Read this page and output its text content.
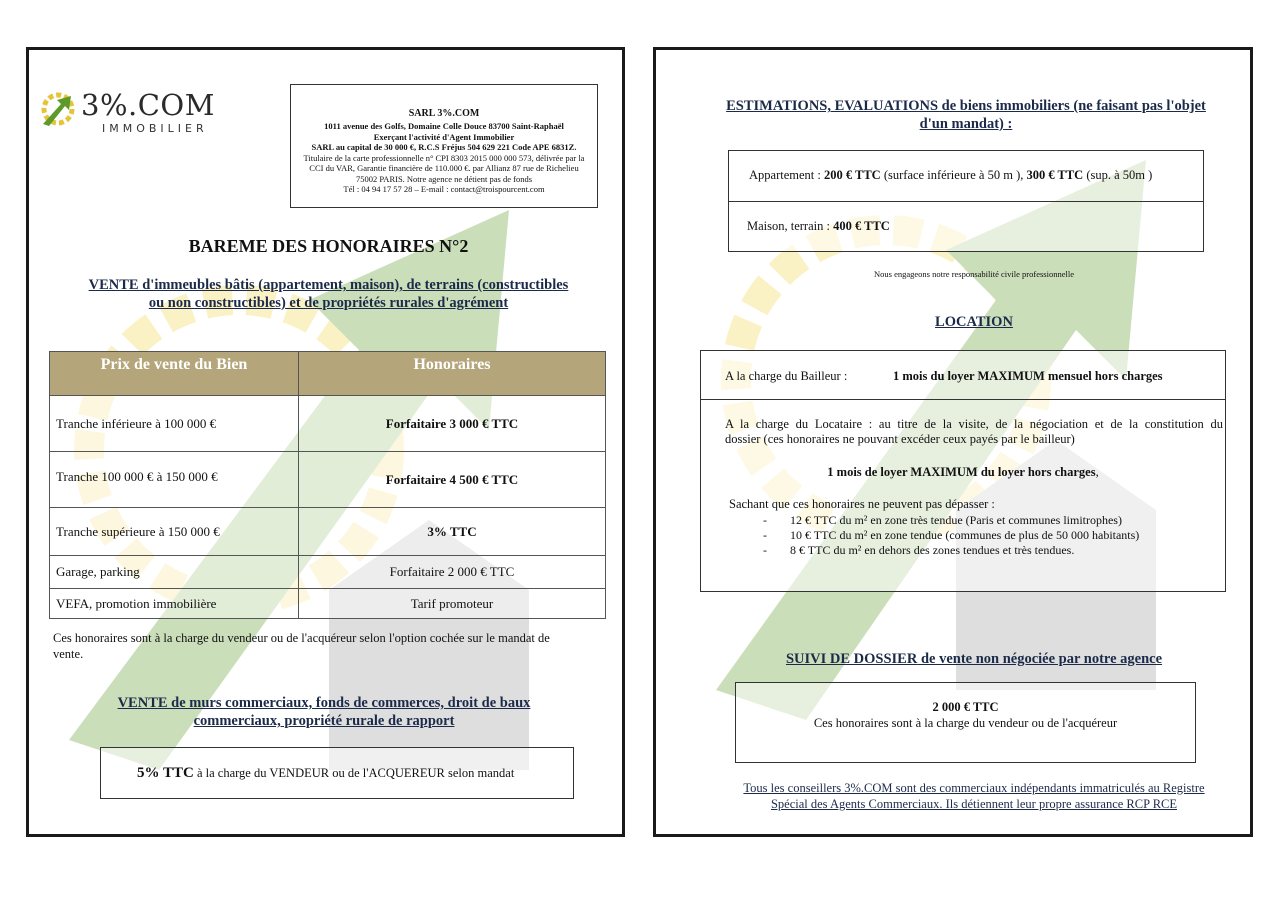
3%.COM
IMMOBILIER
SARL 3%.COM
1011 avenue des Golfs, Domaine Colle Douce 83700 Saint-Raphaël
Exerçant l'activité d'Agent Immobilier
SARL au capital de 30 000 €, R.C.S Fréjus 504 629 221 Code APE 6831Z.
Titulaire de la carte professionnelle n° CPI 8303 2015 000 000 573, délivrée par la
CCI du VAR, Garantie financière de 110.000 €. par Allianz 87 rue de Richelieu
75002 PARIS. Notre agence ne détient pas de fonds
Tél : 04 94 17 57 28 – E-mail : contact@troispourcent.com
BAREME DES HONORAIRES N°2
VENTE d'immeubles bâtis (appartement, maison), de terrains (constructibles
ou non constructibles) et de propriétés rurales d'agrément
Prix de vente du Bien	Honoraires
Tranche inférieure à 100 000 €	Forfaitaire 3 000 € TTC
Tranche 100 000 € à 150 000 €	Forfaitaire 4 500 € TTC
Tranche supérieure à 150 000 €	3% TTC
Garage, parking	Forfaitaire 2 000 € TTC
VEFA, promotion immobilière	Tarif promoteur
Ces honoraires sont à la charge du vendeur ou de l'acquéreur selon l'option cochée sur le mandat de
vente.
VENTE de murs commerciaux, fonds de commerces, droit de baux
commerciaux, propriété rurale de rapport
5% TTC à la charge du VENDEUR ou de l'ACQUEREUR selon mandat
ESTIMATIONS, EVALUATIONS de biens immobiliers (ne faisant pas l'objet
d'un mandat) :
Appartement : 200 € TTC (surface inférieure à 50 m ), 300 € TTC (sup. à 50m )
Maison, terrain : 400 € TTC
Nous engageons notre responsabilité civile professionnelle
LOCATION
A la charge du Bailleur :	1 mois du loyer MAXIMUM mensuel hors charges
A la charge du Locataire : au titre de la visite, de la négociation et de la constitution du
dossier (ces honoraires ne pouvant excéder ceux payés par le bailleur)
1 mois de loyer MAXIMUM du loyer hors charges,
Sachant que ces honoraires ne peuvent pas dépasser :
- 12 € TTC du m² en zone très tendue (Paris et communes limitrophes)
- 10 € TTC du m² en zone tendue (communes de plus de 50 000 habitants)
- 8 € TTC du m² en dehors des zones tendues et très tendues.
SUIVI DE DOSSIER de vente non négociée par notre agence
2 000 € TTC
Ces honoraires sont à la charge du vendeur ou de l'acquéreur
Tous les conseillers 3%.COM sont des commerciaux indépendants immatriculés au Registre
Spécial des Agents Commerciaux. Ils détiennent leur propre assurance RCP RCE
